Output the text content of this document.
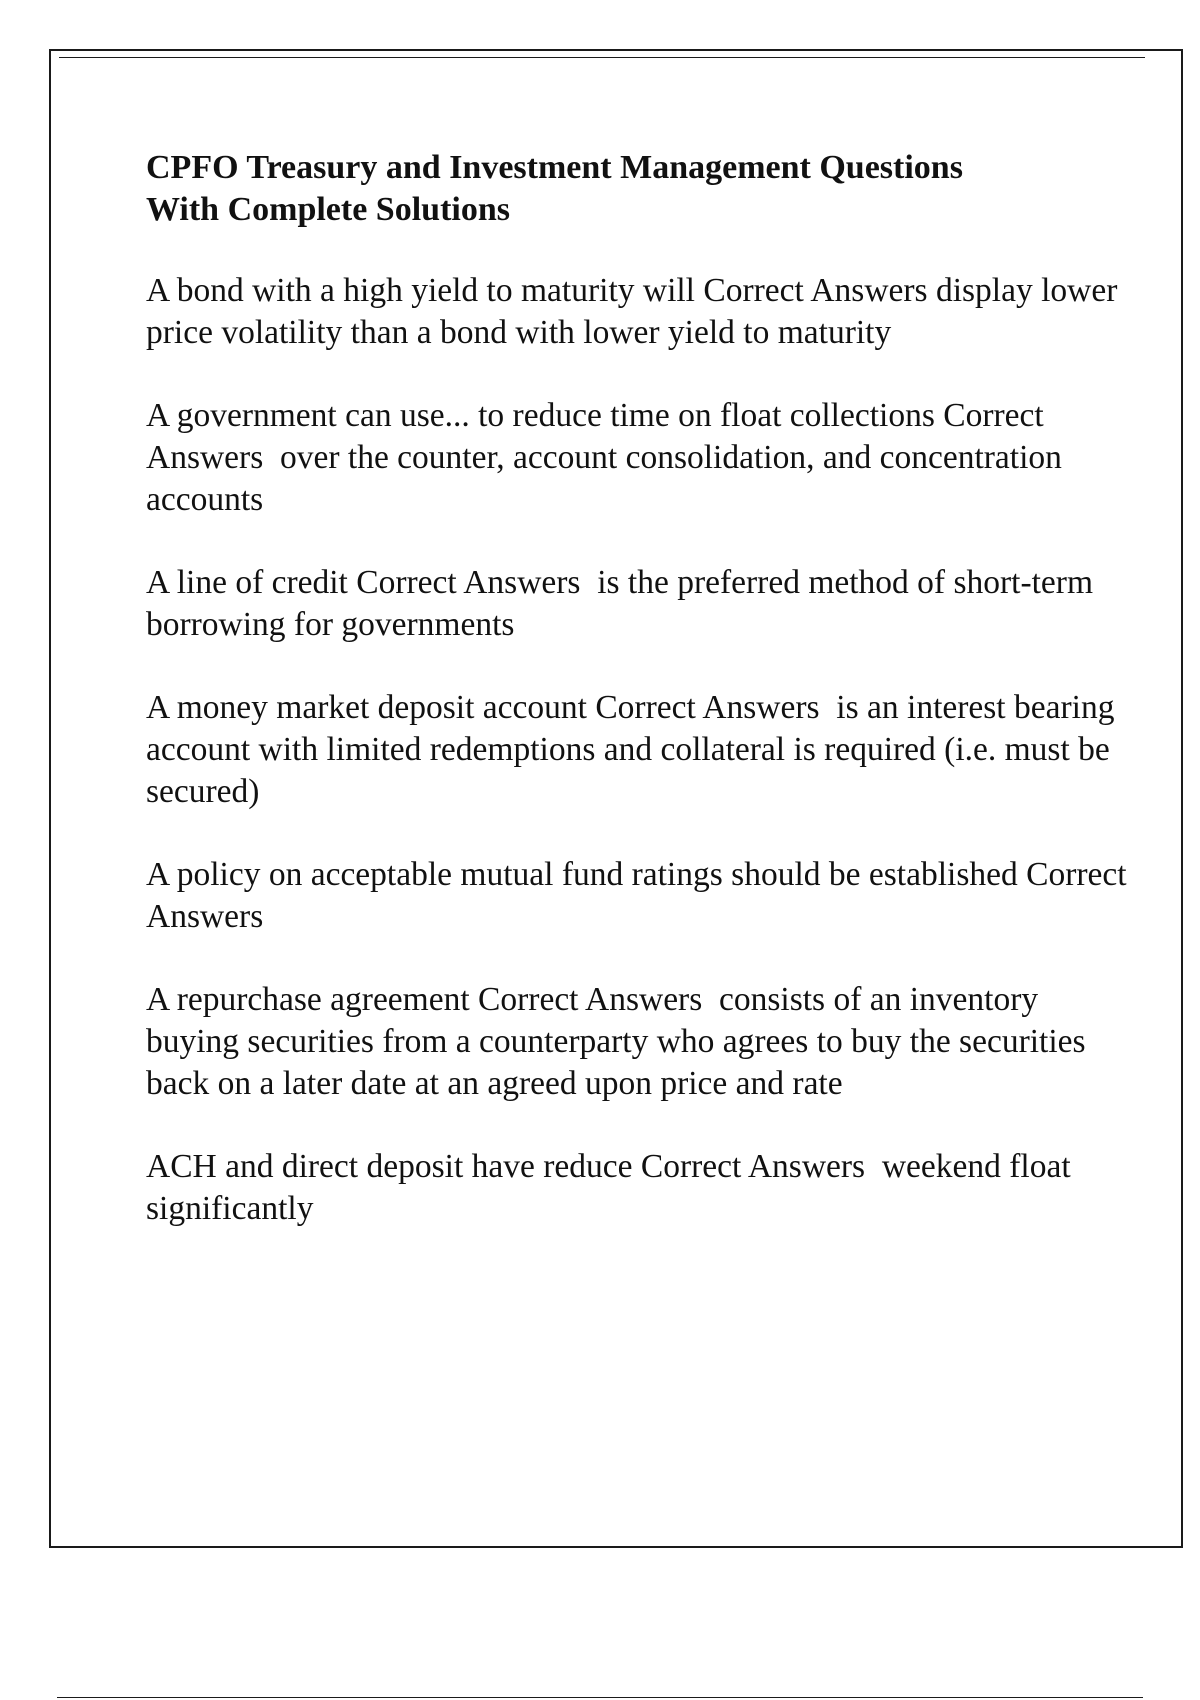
CPFO Treasury and Investment Management Questions
With Complete Solutions
A bond with a high yield to maturity will Correct Answers display lower price volatility than a bond with lower yield to maturity
A government can use... to reduce time on float collections Correct Answers  over the counter, account consolidation, and concentration accounts
A line of credit Correct Answers  is the preferred method of short-term borrowing for governments
A money market deposit account Correct Answers  is an interest bearing account with limited redemptions and collateral is required (i.e. must be secured)
A policy on acceptable mutual fund ratings should be established Correct Answers
A repurchase agreement Correct Answers  consists of an inventory buying securities from a counterparty who agrees to buy the securities back on a later date at an agreed upon price and rate
ACH and direct deposit have reduce Correct Answers  weekend float significantly
